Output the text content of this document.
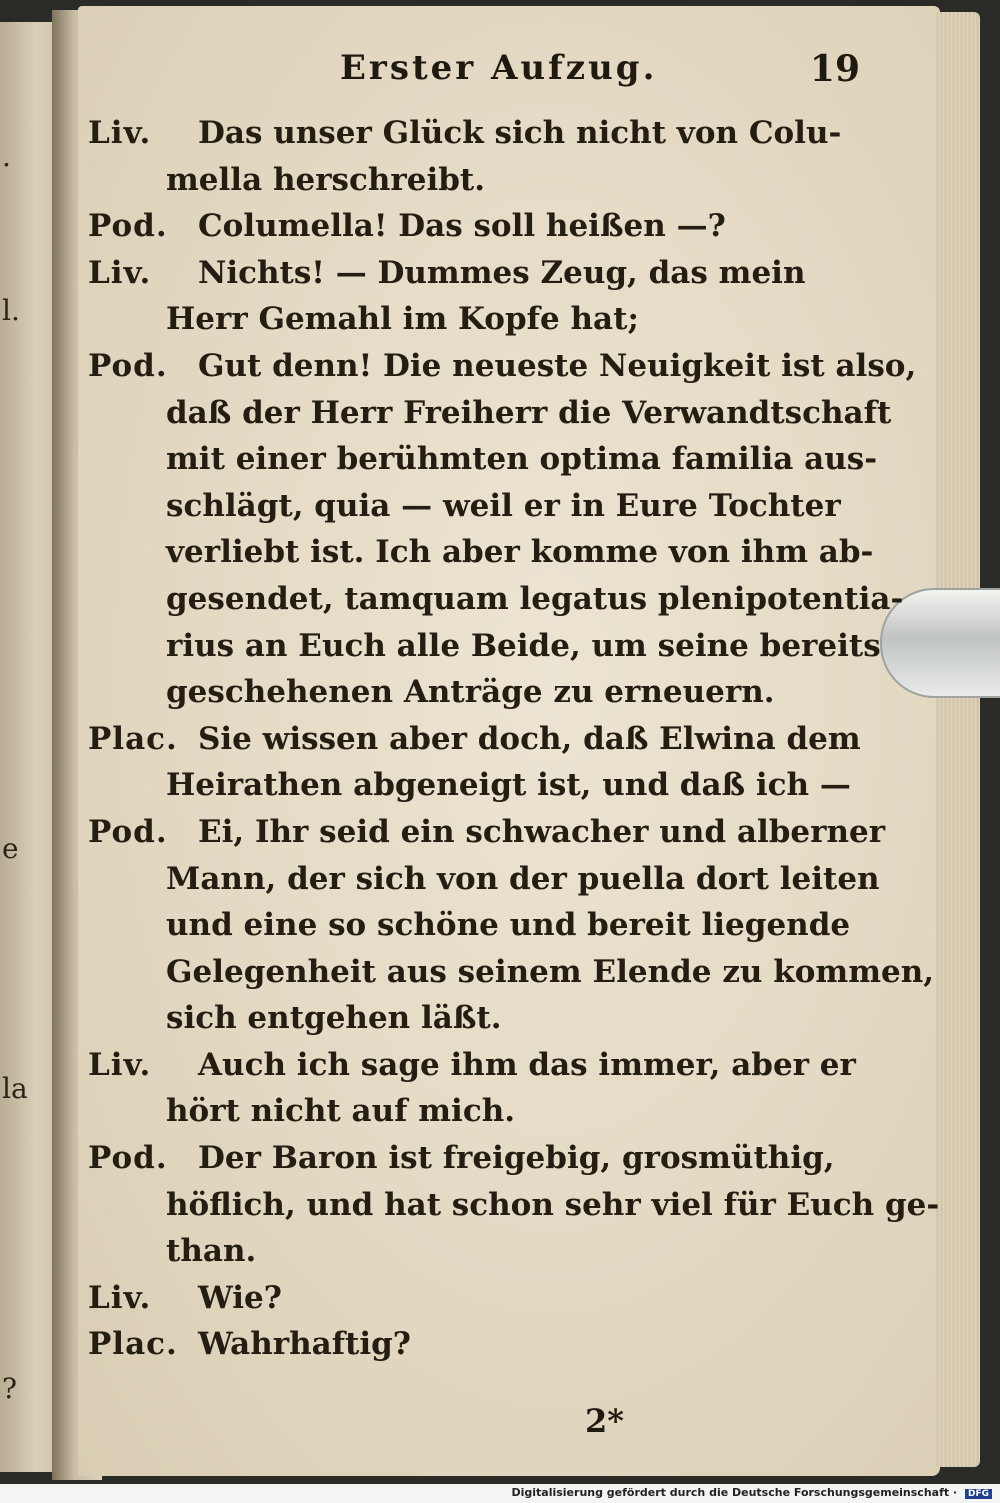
.
l.
e
la
?
Erster Aufzug.	19
Liv. Das unser Glück sich nicht von Colu-
mella herschreibt.
Pod. Columella! Das soll heißen —?
Liv. Nichts! — Dummes Zeug, das mein
Herr Gemahl im Kopfe hat;
Pod. Gut denn! Die neueste Neuigkeit ist also,
daß der Herr Freiherr die Verwandtschaft
mit einer berühmten optima familia aus-
schlägt, quia — weil er in Eure Tochter
verliebt ist. Ich aber komme von ihm ab-
gesendet, tamquam legatus plenipotentia-
rius an Euch alle Beide, um seine bereits
geschehenen Anträge zu erneuern.
Plac. Sie wissen aber doch, daß Elwina dem
Heirathen abgeneigt ist, und daß ich —
Pod. Ei, Ihr seid ein schwacher und alberner
Mann, der sich von der puella dort leiten
und eine so schöne und bereit liegende
Gelegenheit aus seinem Elende zu kommen,
sich entgehen läßt.
Liv. Auch ich sage ihm das immer, aber er
hört nicht auf mich.
Pod. Der Baron ist freigebig, grosmüthig,
höflich, und hat schon sehr viel für Euch ge-
than.
Liv. Wie?
Plac. Wahrhaftig?
2*
Digitalisierung gefördert durch die Deutsche Forschungsgemeinschaft · DFG
